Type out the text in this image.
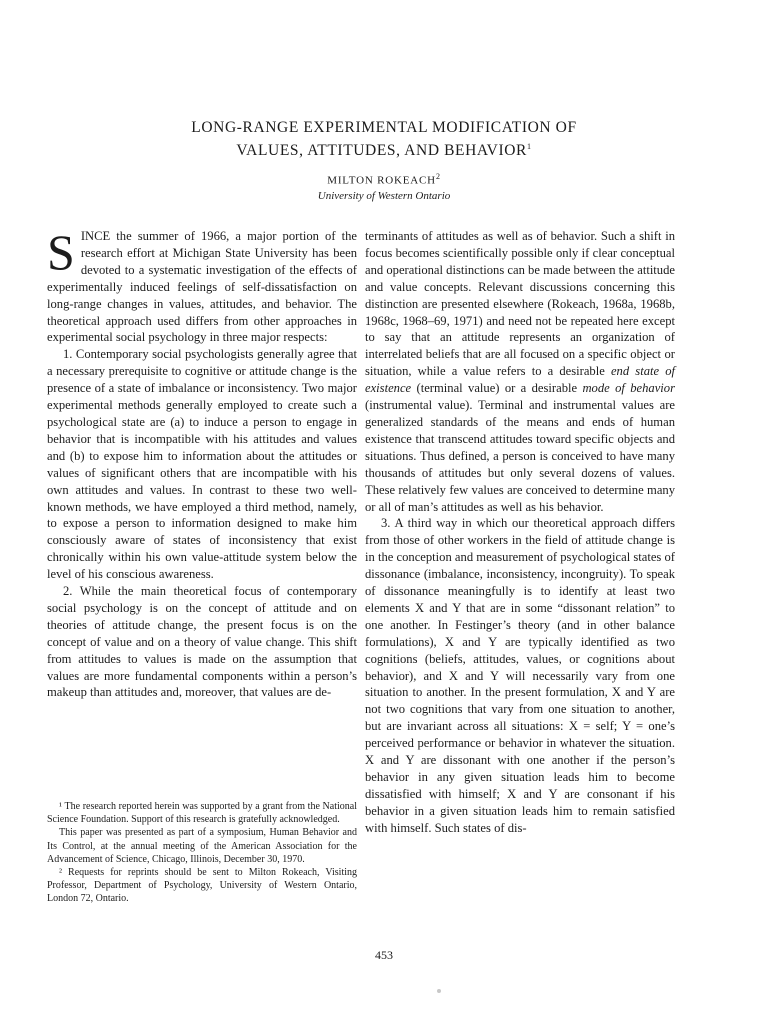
LONG-RANGE EXPERIMENTAL MODIFICATION OF
VALUES, ATTITUDES, AND BEHAVIOR$^1$
MILTON ROKEACH$^2$
University of Western Ontario

SINCE the summer of 1966, a major portion of the research effort at Michigan State University has been devoted to a systematic investigation of the effects of experimentally induced feelings of self-dissatisfaction on long-range changes in values, attitudes, and behavior. The theoretical approach used differs from other approaches in experimental social psychology in three major respects:

1. Contemporary social psychologists generally agree that a necessary prerequisite to cognitive or attitude change is the presence of a state of imbalance or inconsistency. Two major experimental methods generally employed to create such a psychological state are (a) to induce a person to engage in behavior that is incompatible with his attitudes and values and (b) to expose him to information about the attitudes or values of significant others that are incompatible with his own attitudes and values. In contrast to these two well-known methods, we have employed a third method, namely, to expose a person to information designed to make him consciously aware of states of inconsistency that exist chronically within his own value-attitude system below the level of his conscious awareness.

2. While the main theoretical focus of contemporary social psychology is on the concept of attitude and on theories of attitude change, the present focus is on the concept of value and on a theory of value change. This shift from attitudes to values is made on the assumption that values are more fundamental components within a person’s makeup than attitudes and, moreover, that values are de-

¹ The research reported herein was supported by a grant from the National Science Foundation. Support of this research is gratefully acknowledged.

This paper was presented as part of a symposium, Human Behavior and Its Control, at the annual meeting of the American Association for the Advancement of Science, Chicago, Illinois, December 30, 1970.

² Requests for reprints should be sent to Milton Rokeach, Visiting Professor, Department of Psychology, University of Western Ontario, London 72, Ontario.

terminants of attitudes as well as of behavior. Such a shift in focus becomes scientifically possible only if clear conceptual and operational distinctions can be made between the attitude and value concepts. Relevant discussions concerning this distinction are presented elsewhere (Rokeach, 1968a, 1968b, 1968c, 1968–69, 1971) and need not be repeated here except to say that an attitude represents an organization of interrelated beliefs that are all focused on a specific object or situation, while a value refers to a desirable end state of existence (terminal value) or a desirable mode of behavior (instrumental value). Terminal and instrumental values are generalized standards of the means and ends of human existence that transcend attitudes toward specific objects and situations. Thus defined, a person is conceived to have many thousands of attitudes but only several dozens of values. These relatively few values are conceived to determine many or all of man’s attitudes as well as his behavior.

3. A third way in which our theoretical approach differs from those of other workers in the field of attitude change is in the conception and measurement of psychological states of dissonance (imbalance, inconsistency, incongruity). To speak of dissonance meaningfully is to identify at least two elements X and Y that are in some “dissonant relation” to one another. In Festinger’s theory (and in other balance formulations), X and Y are typically identified as two cognitions (beliefs, attitudes, values, or cognitions about behavior), and X and Y will necessarily vary from one situation to another. In the present formulation, X and Y are not two cognitions that vary from one situation to another, but are invariant across all situations: X = self; Y = one’s perceived performance or behavior in whatever the situation. X and Y are dissonant with one another if the person’s behavior in any given situation leads him to become dissatisfied with himself; X and Y are consonant if his behavior in a given situation leads him to remain satisfied with himself. Such states of dis-

453
